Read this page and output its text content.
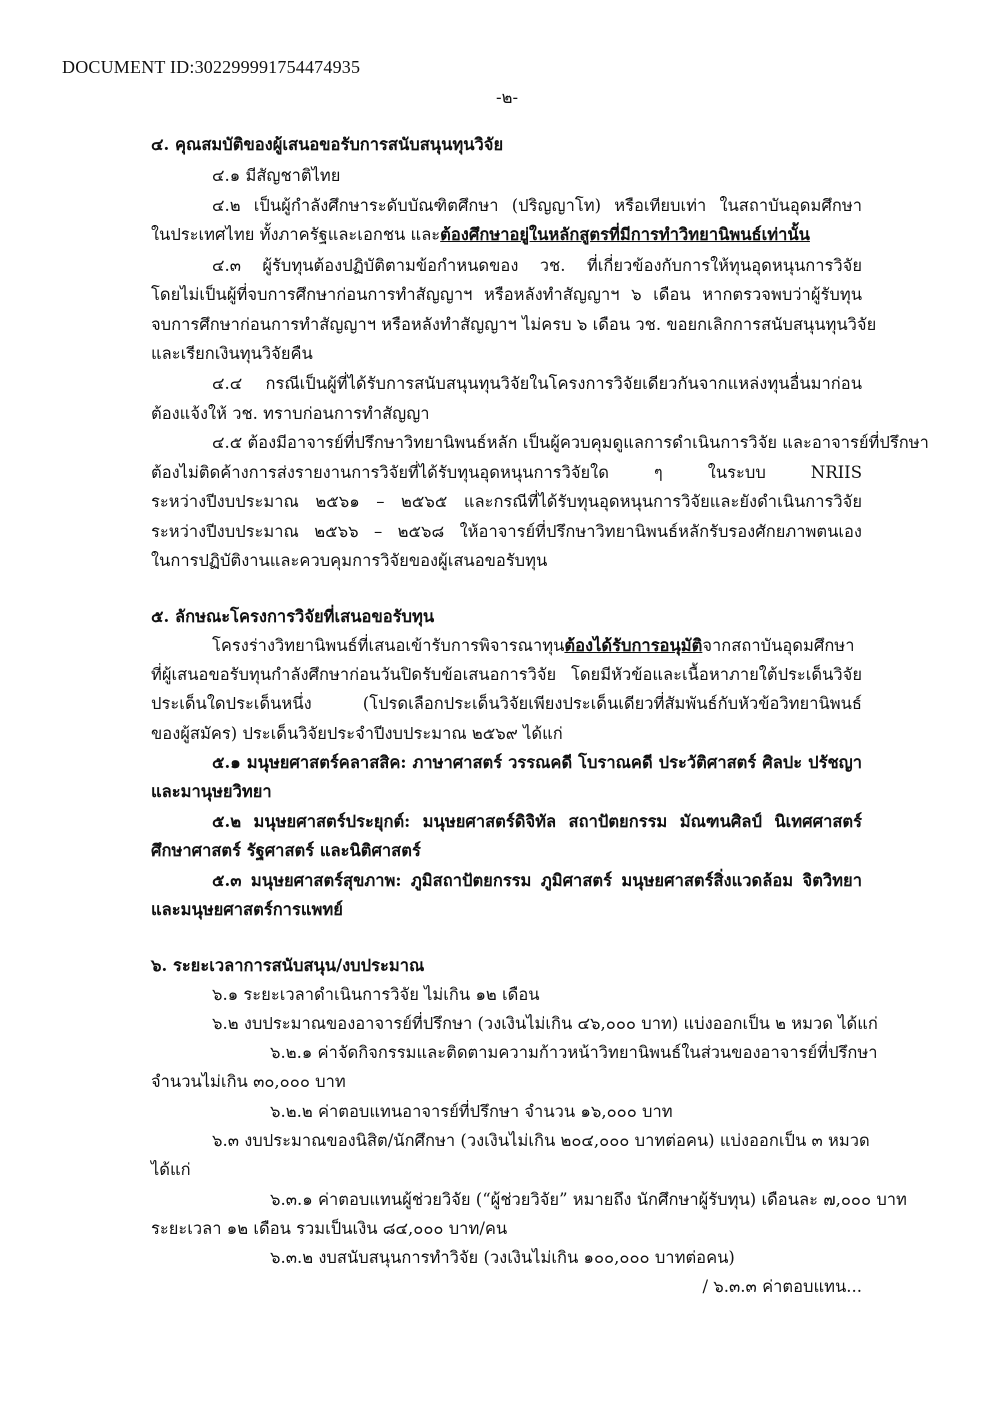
DOCUMENT ID:302299991754474935
-๒-
๔. คุณสมบัติของผู้เสนอขอรับการสนับสนุนทุนวิจัย
๔.๑ มีสัญชาติไทย
๔.๒ เป็นผู้กำลังศึกษาระดับบัณฑิตศึกษา (ปริญญาโท) หรือเทียบเท่า ในสถาบันอุดมศึกษา
ในประเทศไทย ทั้งภาครัฐและเอกชน และต้องศึกษาอยู่ในหลักสูตรที่มีการทำวิทยานิพนธ์เท่านั้น
๔.๓ ผู้รับทุนต้องปฏิบัติตามข้อกำหนดของ วช. ที่เกี่ยวข้องกับการให้ทุนอุดหนุนการวิจัย
โดยไม่เป็นผู้ที่จบการศึกษาก่อนการทำสัญญาฯ หรือหลังทำสัญญาฯ ๖ เดือน หากตรวจพบว่าผู้รับทุน
จบการศึกษาก่อนการทำสัญญาฯ หรือหลังทำสัญญาฯ ไม่ครบ ๖ เดือน วช. ขอยกเลิกการสนับสนุนทุนวิจัย
และเรียกเงินทุนวิจัยคืน
๔.๔ กรณีเป็นผู้ที่ได้รับการสนับสนุนทุนวิจัยในโครงการวิจัยเดียวกันจากแหล่งทุนอื่นมาก่อน
ต้องแจ้งให้ วช. ทราบก่อนการทำสัญญา
๔.๕ ต้องมีอาจารย์ที่ปรึกษาวิทยานิพนธ์หลัก เป็นผู้ควบคุมดูแลการดำเนินการวิจัย และอาจารย์ที่ปรึกษา
ต้องไม่ติดค้างการส่งรายงานการวิจัยที่ได้รับทุนอุดหนุนการวิจัยใด ๆ ในระบบ NRIIS
ระหว่างปีงบประมาณ ๒๕๖๑ – ๒๕๖๕ และกรณีที่ได้รับทุนอุดหนุนการวิจัยและยังดำเนินการวิจัย
ระหว่างปีงบประมาณ ๒๕๖๖ – ๒๕๖๘ ให้อาจารย์ที่ปรึกษาวิทยานิพนธ์หลักรับรองศักยภาพตนเอง
ในการปฏิบัติงานและควบคุมการวิจัยของผู้เสนอขอรับทุน
๕. ลักษณะโครงการวิจัยที่เสนอขอรับทุน
โครงร่างวิทยานิพนธ์ที่เสนอเข้ารับการพิจารณาทุนต้องได้รับการอนุมัติจากสถาบันอุดมศึกษา
ที่ผู้เสนอขอรับทุนกำลังศึกษาก่อนวันปิดรับข้อเสนอการวิจัย โดยมีหัวข้อและเนื้อหาภายใต้ประเด็นวิจัย
ประเด็นใดประเด็นหนึ่ง (โปรดเลือกประเด็นวิจัยเพียงประเด็นเดียวที่สัมพันธ์กับหัวข้อวิทยานิพนธ์
ของผู้สมัคร) ประเด็นวิจัยประจำปีงบประมาณ ๒๕๖๙ ได้แก่
๕.๑ มนุษยศาสตร์คลาสสิค: ภาษาศาสตร์ วรรณคดี โบราณคดี ประวัติศาสตร์ ศิลปะ ปรัชญา
และมานุษยวิทยา
๕.๒ มนุษยศาสตร์ประยุกต์: มนุษยศาสตร์ดิจิทัล สถาปัตยกรรม มัณฑนศิลป์ นิเทศศาสตร์
ศึกษาศาสตร์ รัฐศาสตร์ และนิติศาสตร์
๕.๓ มนุษยศาสตร์สุขภาพ: ภูมิสถาปัตยกรรม ภูมิศาสตร์ มนุษยศาสตร์สิ่งแวดล้อม จิตวิทยา
และมนุษยศาสตร์การแพทย์
๖. ระยะเวลาการสนับสนุน/งบประมาณ
๖.๑ ระยะเวลาดำเนินการวิจัย ไม่เกิน ๑๒ เดือน
๖.๒ งบประมาณของอาจารย์ที่ปรึกษา (วงเงินไม่เกิน ๔๖,๐๐๐ บาท) แบ่งออกเป็น ๒ หมวด ได้แก่
๖.๒.๑ ค่าจัดกิจกรรมและติดตามความก้าวหน้าวิทยานิพนธ์ในส่วนของอาจารย์ที่ปรึกษา
จำนวนไม่เกิน ๓๐,๐๐๐ บาท
๖.๒.๒ ค่าตอบแทนอาจารย์ที่ปรึกษา จำนวน ๑๖,๐๐๐ บาท
๖.๓ งบประมาณของนิสิต/นักศึกษา (วงเงินไม่เกิน ๒๐๔,๐๐๐ บาทต่อคน) แบ่งออกเป็น ๓ หมวด
ได้แก่
๖.๓.๑ ค่าตอบแทนผู้ช่วยวิจัย (“ผู้ช่วยวิจัย” หมายถึง นักศึกษาผู้รับทุน) เดือนละ ๗,๐๐๐ บาท
ระยะเวลา ๑๒ เดือน รวมเป็นเงิน ๘๔,๐๐๐ บาท/คน
๖.๓.๒ งบสนับสนุนการทำวิจัย (วงเงินไม่เกิน ๑๐๐,๐๐๐ บาทต่อคน)
/ ๖.๓.๓ ค่าตอบแทน...
